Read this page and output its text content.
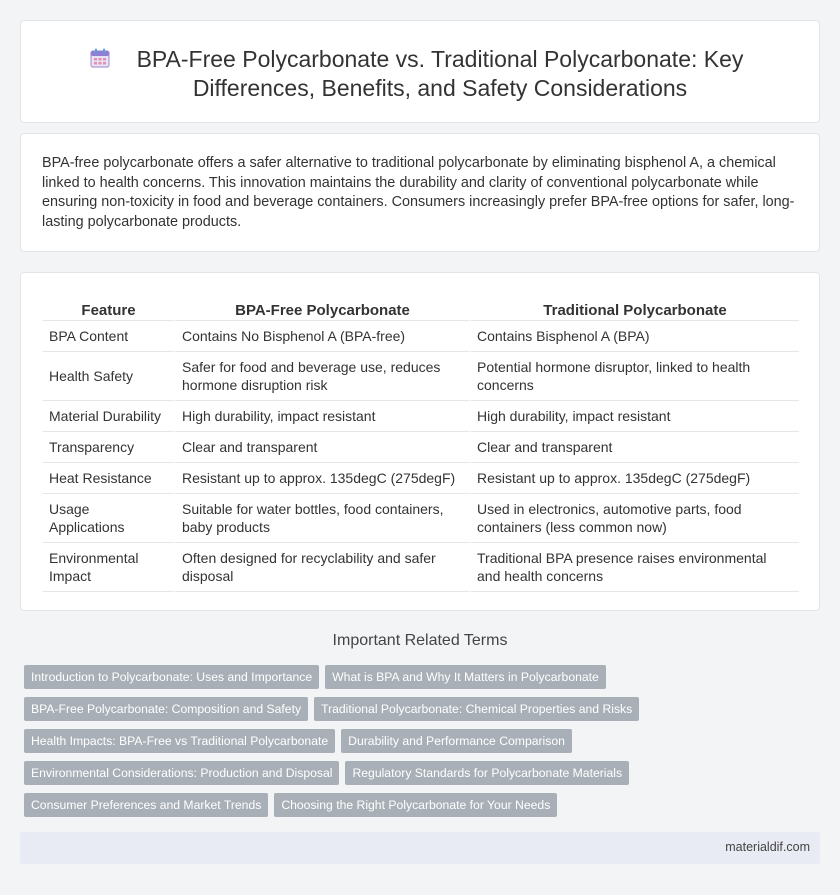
BPA-Free Polycarbonate vs. Traditional Polycarbonate: Key Differences, Benefits, and Safety Considerations

BPA-free polycarbonate offers a safer alternative to traditional polycarbonate by eliminating bisphenol A, a chemical linked to health concerns. This innovation maintains the durability and clarity of conventional polycarbonate while ensuring non-toxicity in food and beverage containers. Consumers increasingly prefer BPA-free options for safer, long-lasting polycarbonate products.

Feature	BPA-Free Polycarbonate	Traditional Polycarbonate
BPA Content	Contains No Bisphenol A (BPA-free)	Contains Bisphenol A (BPA)
Health Safety	Safer for food and beverage use, reduces hormone disruption risk	Potential hormone disruptor, linked to health concerns
Material Durability	High durability, impact resistant	High durability, impact resistant
Transparency	Clear and transparent	Clear and transparent
Heat Resistance	Resistant up to approx. 135degC (275degF)	Resistant up to approx. 135degC (275degF)
Usage Applications	Suitable for water bottles, food containers, baby products	Used in electronics, automotive parts, food containers (less common now)
Environmental Impact	Often designed for recyclability and safer disposal	Traditional BPA presence raises environmental and health concerns
Important Related Terms
Introduction to Polycarbonate: Uses and Importance What is BPA and Why It Matters in Polycarbonate
BPA-Free Polycarbonate: Composition and Safety Traditional Polycarbonate: Chemical Properties and Risks
Health Impacts: BPA-Free vs Traditional Polycarbonate Durability and Performance Comparison
Environmental Considerations: Production and Disposal Regulatory Standards for Polycarbonate Materials
Consumer Preferences and Market Trends Choosing the Right Polycarbonate for Your Needs
materialdif.com
